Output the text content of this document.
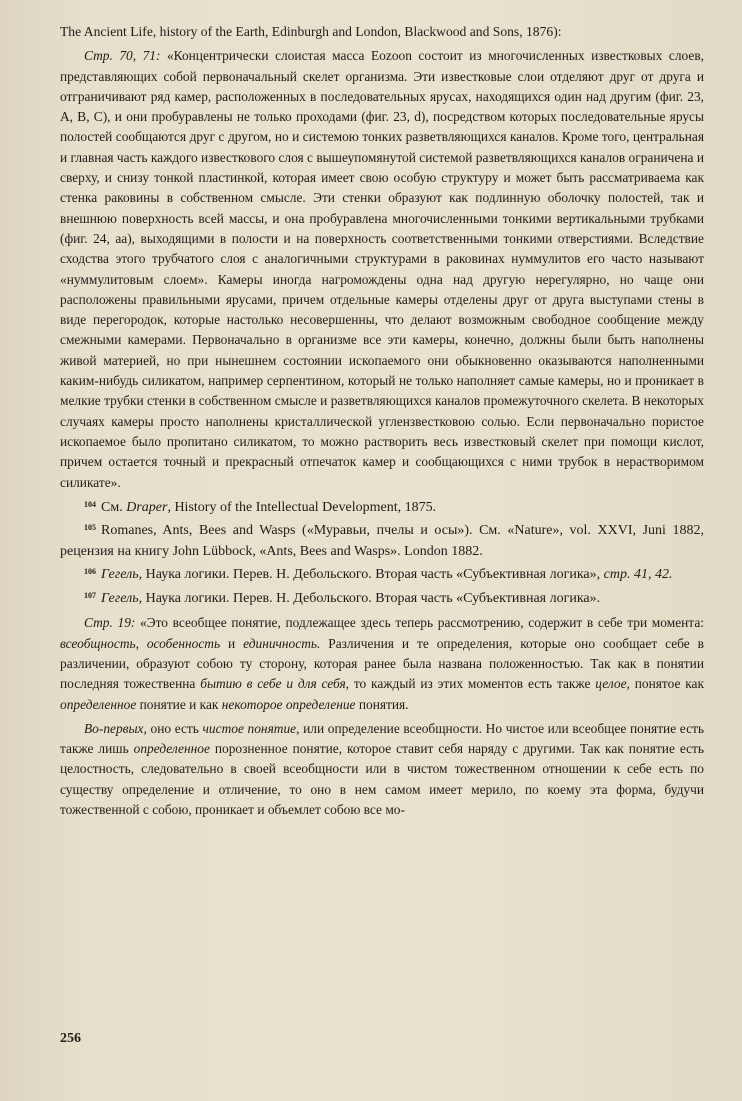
The Ancient Life, history of the Earth, Edinburgh and London, Blackwood and Sons, 1876):

Стр. 70, 71: «Концентрически слоистая масса Eozoon состоит из многочисленных известковых слоев, представляющих собой первоначальный скелет организма. Эти известковые слои отделяют друг от друга и отграничивают ряд камер, расположенных в последовательных ярусах, находящихся один над другим (фиг. 23, А, В, С), и они пробуравлены не только проходами (фиг. 23, d), посредством которых последовательные ярусы полостей сообщаются друг с другом, но и системою тонких разветвляющихся каналов. Кроме того, центральная и главная часть каждого известкового слоя с вышеупомянутой системой разветвляющихся каналов ограничена и сверху, и снизу тонкой пластинкой, которая имеет свою особую структуру и может быть рассматриваема как стенка раковины в собственном смысле. Эти стенки образуют как подлинную оболочку полостей, так и внешнюю поверхность всей массы, и она пробуравлена многочисленными тонкими вертикальными трубками (фиг. 24, аа), выходящими в полости и на поверхность соответственными тонкими отверстиями. Вследствие сходства этого трубчатого слоя с аналогичными структурами в раковинах нуммулитов его часто называют «нуммулитовым слоем». Камеры иногда нагромождены одна над другую нерегулярно, но чаще они расположены правильными ярусами, причем отдельные камеры отделены друг от друга выступами стены в виде перегородок, которые настолько несовершенны, что делают возможным свободное сообщение между смежными камерами. Первоначально в организме все эти камеры, конечно, должны были быть наполнены живой материей, но при нынешнем состоянии ископаемого они обыкновенно оказываются наполненными каким-нибудь силикатом, например серпентином, который не только наполняет самые камеры, но и проникает в мелкие трубки стенки в собственном смысле и разветвляющихся каналов промежуточного скелета. В некоторых случаях камеры просто наполнены кристаллической углензвестковою солью. Если первоначально пористое ископаемое было пропитано силикатом, то можно растворить весь известковый скелет при помощи кислот, причем остается точный и прекрасный отпечаток камер и сообщающихся с ними трубок в нерастворимом силикате».

$^{104}$ См. Draper, History of the Intellectual Development, 1875.

$^{105}$ Romanes, Ants, Bees and Wasps («Муравьи, пчелы и осы»). См. «Nature», vol. XXVI, Juni 1882, рецензия на книгу John Lübbock, «Ants, Bees and Wasps». London 1882.

$^{106}$ Гегель, Наука логики. Перев. Н. Дебольского. Вторая часть «Субъективная логика», стр. 41, 42.

$^{107}$ Гегель, Наука логики. Перев. Н. Дебольского. Вторая часть «Субъективная логика».

Стр. 19: «Это всеобщее понятие, подлежащее здесь теперь рассмотрению, содержит в себе три момента: всеобщность, особенность и единичность. Различения и те определения, которые оно сообщает себе в различении, образуют собою ту сторону, которая ранее была названа положенностью. Так как в понятии последняя тожественна бытию в себе и для себя, то каждый из этих моментов есть также целое, понятое как определенное понятие и как некоторое определение понятия.

Во-первых, оно есть чистое понятие, или определение всеобщности. Но чистое или всеобщее понятие есть также лишь определенное порозненное понятие, которое ставит себя наряду с другими. Так как понятие есть целостность, следовательно в своей всеобщности или в чистом тожественном отношении к себе есть по существу определение и отличение, то оно в нем самом имеет мерило, по коему эта форма, будучи тожественной с собою, проникает и объемлет собою все мо-

256
